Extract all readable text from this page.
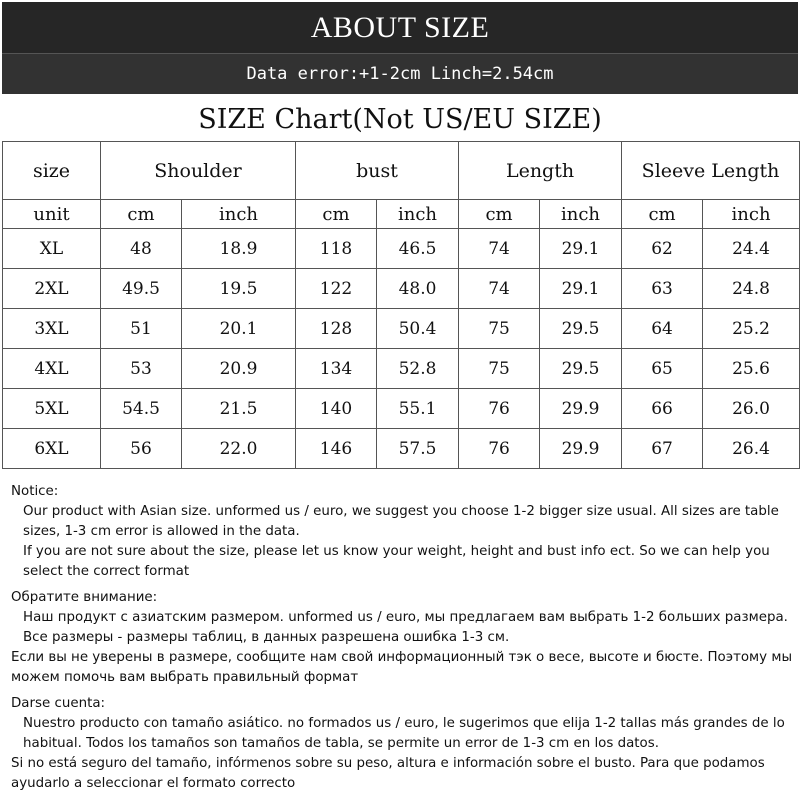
ABOUT SIZE
Data error:+1-2cm Linch=2.54cm
SIZE Chart(Not US/EU SIZE)
size	Shoulder		bust		Length		Sleeve Length	
unit	cm	inch	cm	inch	cm	inch	cm	inch
XL	48	18.9	118	46.5	74	29.1	62	24.4
2XL	49.5	19.5	122	48.0	74	29.1	63	24.8
3XL	51	20.1	128	50.4	75	29.5	64	25.2
4XL	53	20.9	134	52.8	75	29.5	65	25.6
5XL	54.5	21.5	140	55.1	76	29.9	66	26.0
6XL	56	22.0	146	57.5	76	29.9	67	26.4

Notice:

Our product with Asian size. unformed us / euro, we suggest you choose 1-2 bigger size usual. All sizes are table sizes, 1-3 cm error is allowed in the data.

If you are not sure about the size, please let us know your weight, height and bust info ect. So we can help you select the correct format

Обратите внимание:

Наш продукт с азиатским размером. unformed us / euro, мы предлагаем вам выбрать 1-2 больших размера. Все размеры - размеры таблиц, в данных разрешена ошибка 1-3 см.

Если вы не уверены в размере, сообщите нам свой информационный тэк о весе, высоте и бюсте. Поэтому мы можем помочь вам выбрать правильный формат

Darse cuenta:

Nuestro producto con tamaño asiático. no formados us / euro, le sugerimos que elija 1-2 tallas más grandes de lo habitual. Todos los tamaños son tamaños de tabla, se permite un error de 1-3 cm en los datos.

Si no está seguro del tamaño, infórmenos sobre su peso, altura e información sobre el busto. Para que podamos ayudarlo a seleccionar el formato correcto
